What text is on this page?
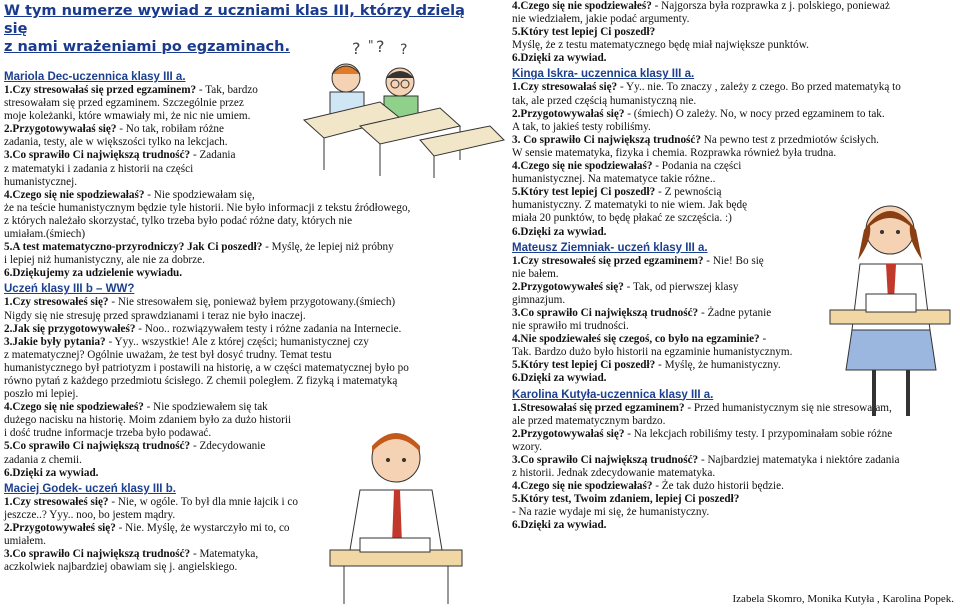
W tym numerze wywiad z uczniami klas III, którzy dzielą się
z nami wrażeniami po egzaminach.
Mariola Dec-uczennica klasy III a.

1.Czy stresowałaś się przed egzaminem? - Tak, bardzo

stresowałam się przed egzaminem. Szczególnie przez

moje koleżanki, które wmawiały mi, że nic nie umiem.

2.Przygotowywałaś się? - No tak, robiłam różne

zadania, testy, ale w większości tylko na lekcjach.

3.Co sprawiło Ci największą trudność? - Zadania

z matematyki i zadania z historii na części

humanistycznej.

4.Czego się nie spodziewałaś? - Nie spodziewałam się,

że na teście humanistycznym będzie tyle historii. Nie było informacji z tekstu źródłowego,

z których należało skorzystać, tylko trzeba było podać różne daty, których nie

umiałam.(śmiech)

5.A test matematyczno-przyrodniczy? Jak Ci poszedł? - Myślę, że lepiej niż próbny

i lepiej niż humanistyczny, ale nie za dobrze.

6.Dziękujemy za udzielenie wywiadu.

Uczeń klasy III b – WW?

1.Czy stresowałeś się? - Nie stresowałem się, ponieważ byłem przygotowany.(śmiech)

Nigdy się nie stresuję przed sprawdzianami i teraz nie było inaczej.

2.Jak się przygotowywałeś? - Noo.. rozwiązywałem testy i różne zadania na Internecie.

3.Jakie były pytania? - Yyy.. wszystkie! Ale z której części; humanistycznej czy

z matematycznej? Ogólnie uważam, że test był dosyć trudny. Temat testu

humanistycznego był patriotyzm i postawili na historię, a w części matematycznej było po

równo pytań z każdego przedmiotu ścisłego. Z chemii poległem. Z fizyką i matematyką

poszło mi lepiej.

4.Czego się nie spodziewałeś? - Nie spodziewałem się tak

dużego nacisku na historię. Moim zdaniem było za dużo historii

i dość trudne informacje trzeba było podawać.

5.Co sprawiło Ci największą trudność? - Zdecydowanie

zadania z chemii.

6.Dzięki za wywiad.

Maciej Godek- uczeń klasy III b.

1.Czy stresowałeś się? - Nie, w ogóle. To był dla mnie łajcik i co

jeszcze..? Yyy.. noo, bo jestem mądry.

2.Przygotowywałeś się? - Nie. Myślę, że wystarczyło mi to, co

umiałem.

3.Co sprawiło Ci największą trudność? - Matematyka,

aczkolwiek najbardziej obawiam się j. angielskiego.

? " ? ?

4.Czego się nie spodziewałeś? - Najgorsza była rozprawka z j. polskiego, ponieważ

nie wiedziałem, jakie podać argumenty.

5.Który test lepiej Ci poszedł?

Myślę, że z testu matematycznego będę miał największe punktów.

6.Dzięki za wywiad.

Kinga Iskra- uczennica klasy III a.

1.Czy stresowałaś się? - Yy.. nie. To znaczy , zależy z czego. Bo przed matematyką to

tak, ale przed częścią humanistyczną nie.

2.Przygotowywałaś się? - (śmiech) O zależy. No, w nocy przed egzaminem to tak.

A tak, to jakieś testy robiliśmy.

3. Co sprawiło Ci największą trudność? Na pewno test z przedmiotów ścisłych.

W sensie matematyka, fizyka i chemia. Rozprawka również była trudna.

4.Czego się nie spodziewałaś? - Podania na części

humanistycznej. Na matematyce takie różne..

5.Który test lepiej Ci poszedł? - Z pewnością

humanistyczny. Z matematyki to nie wiem. Jak będę

miała 20 punktów, to będę płakać ze szczęścia. :)

6.Dzięki za wywiad.

Mateusz Ziemniak- uczeń klasy III a.

1.Czy stresowałeś się przed egzaminem? - Nie! Bo się

nie bałem.

2.Przygotowywałeś się? - Tak, od pierwszej klasy

gimnazjum.

3.Co sprawiło Ci największą trudność? - Żadne pytanie

nie sprawiło mi trudności.

4.Nie spodziewałeś się czegoś, co było na egzaminie? -

Tak. Bardzo dużo było historii na egzaminie humanistycznym.

5.Który test lepiej Ci poszedł? - Myślę, że humanistyczny.

6.Dzięki za wywiad.

Karolina Kutyła-uczennica klasy III a.

1.Stresowałaś się przed egzaminem? - Przed humanistycznym się nie stresowałam,

ale przed matematycznym bardzo.

2.Przygotowywałaś się? - Na lekcjach robiliśmy testy. I przypominałam sobie różne

wzory.

3.Co sprawiło Ci największą trudność? - Najbardziej matematyka i niektóre zadania

z historii. Jednak zdecydowanie matematyka.

4.Czego się nie spodziewałaś? - Że tak dużo historii będzie.

5.Który test, Twoim zdaniem, lepiej Ci poszedł?

- Na razie wydaje mi się, że humanistyczny.

6.Dzięki za wywiad.

Izabela Skomro, Monika Kutyła , Karolina Popek.
